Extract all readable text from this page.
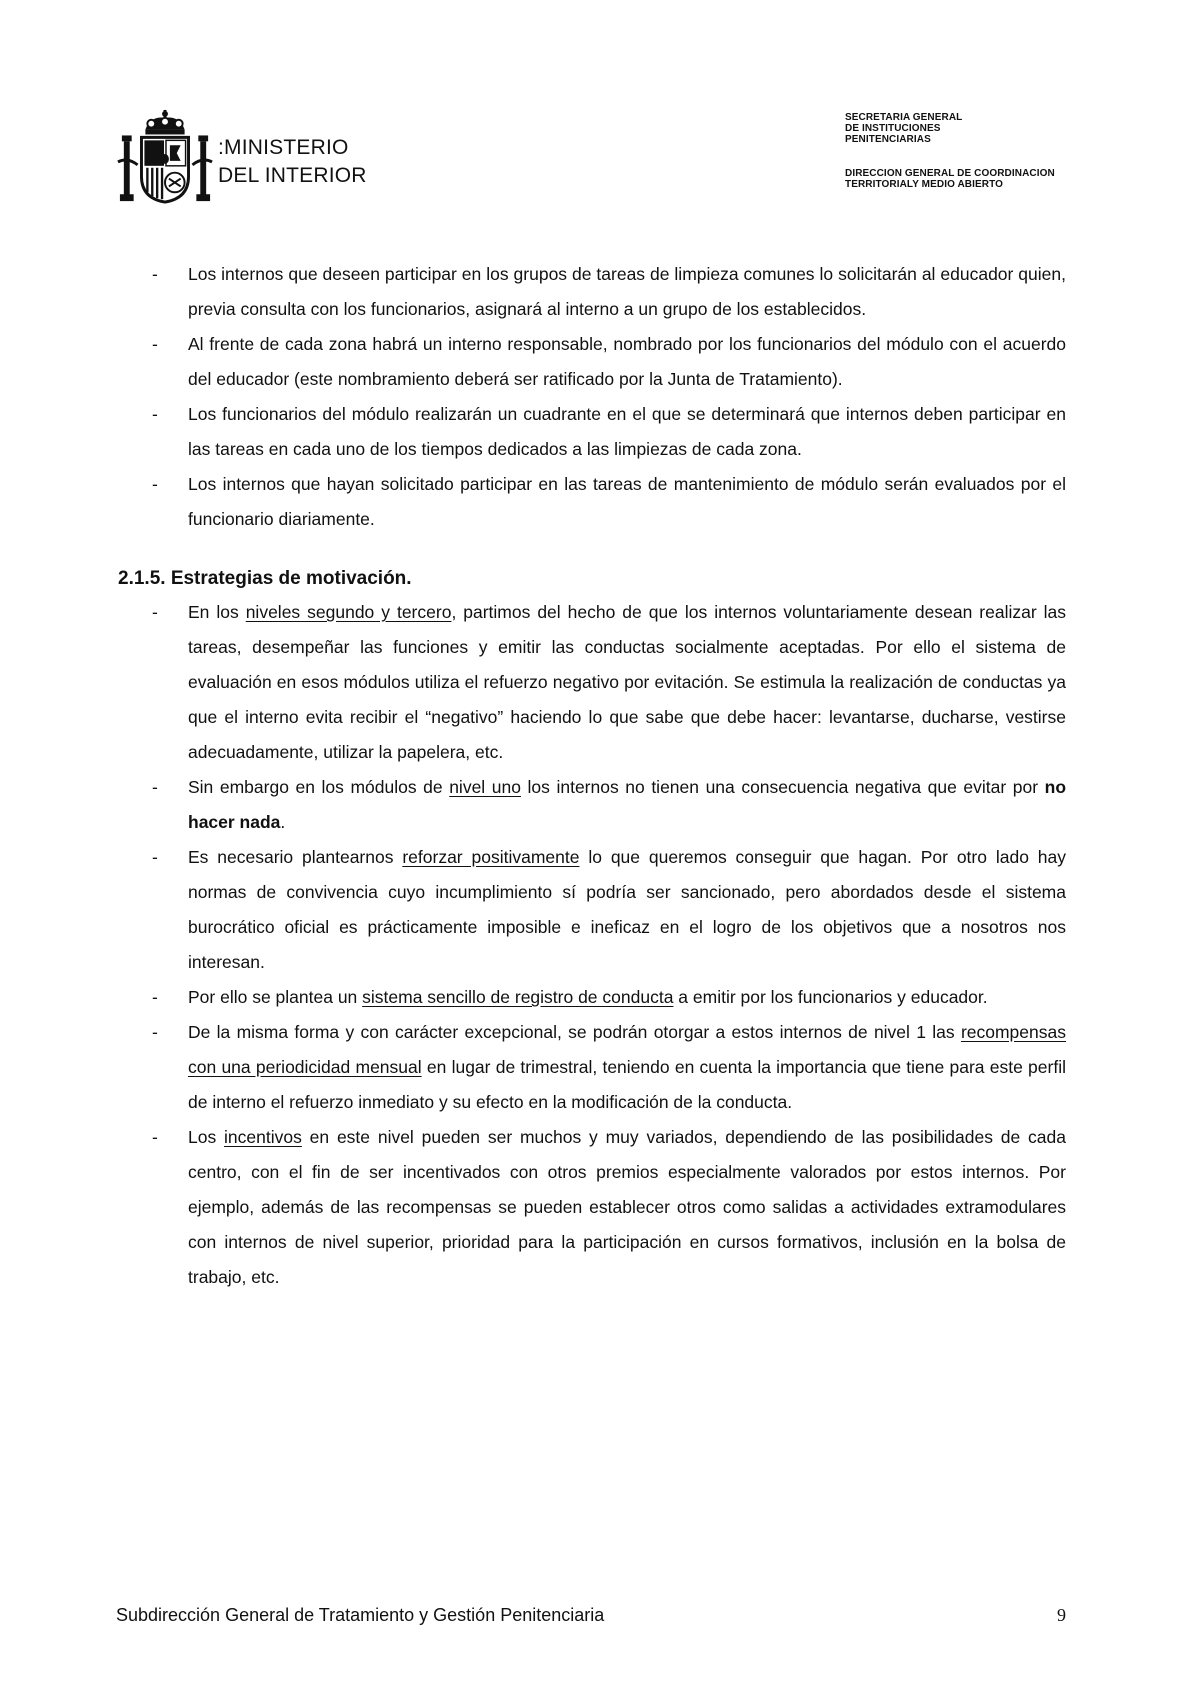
:MINISTERIO
DEL INTERIOR
SECRETARIA GENERAL
DE INSTITUCIONES
PENITENCIARIAS
DIRECCION GENERAL DE COORDINACION
TERRITORIALY MEDIO ABIERTO
- Los internos que deseen participar en los grupos de tareas de limpieza comunes lo solicitarán al educador quien, previa consulta con los funcionarios, asignará al interno a un grupo de los establecidos.
- Al frente de cada zona habrá un interno responsable, nombrado por los funcionarios del módulo con el acuerdo del educador (este nombramiento deberá ser ratificado por la Junta de Tratamiento).
- Los funcionarios del módulo realizarán un cuadrante en el que se determinará que internos deben participar en las tareas en cada uno de los tiempos dedicados a las limpiezas de cada zona.
- Los internos que hayan solicitado participar en las tareas de mantenimiento de módulo serán evaluados por el funcionario diariamente.
2.1.5. Estrategias de motivación.
- En los niveles segundo y tercero, partimos del hecho de que los internos voluntariamente desean realizar las tareas, desempeñar las funciones y emitir las conductas socialmente aceptadas. Por ello el sistema de evaluación en esos módulos utiliza el refuerzo negativo por evitación. Se estimula la realización de conductas ya que el interno evita recibir el “negativo” haciendo lo que sabe que debe hacer: levantarse, ducharse, vestirse adecuadamente, utilizar la papelera, etc.
- Sin embargo en los módulos de nivel uno los internos no tienen una consecuencia negativa que evitar por no hacer nada.
- Es necesario plantearnos reforzar positivamente lo que queremos conseguir que hagan. Por otro lado hay normas de convivencia cuyo incumplimiento sí podría ser sancionado, pero abordados desde el sistema burocrático oficial es prácticamente imposible e ineficaz en el logro de los objetivos que a nosotros nos interesan.
- Por ello se plantea un sistema sencillo de registro de conducta a emitir por los funcionarios y educador.
- De la misma forma y con carácter excepcional, se podrán otorgar a estos internos de nivel 1 las recompensas con una periodicidad mensual en lugar de trimestral, teniendo en cuenta la importancia que tiene para este perfil de interno el refuerzo inmediato y su efecto en la modificación de la conducta.
- Los incentivos en este nivel pueden ser muchos y muy variados, dependiendo de las posibilidades de cada centro, con el fin de ser incentivados con otros premios especialmente valorados por estos internos. Por ejemplo, además de las recompensas se pueden establecer otros como salidas a actividades extramodulares con internos de nivel superior, prioridad para la participación en cursos formativos, inclusión en la bolsa de trabajo, etc.
Subdirección General de Tratamiento y Gestión Penitenciaria	9
